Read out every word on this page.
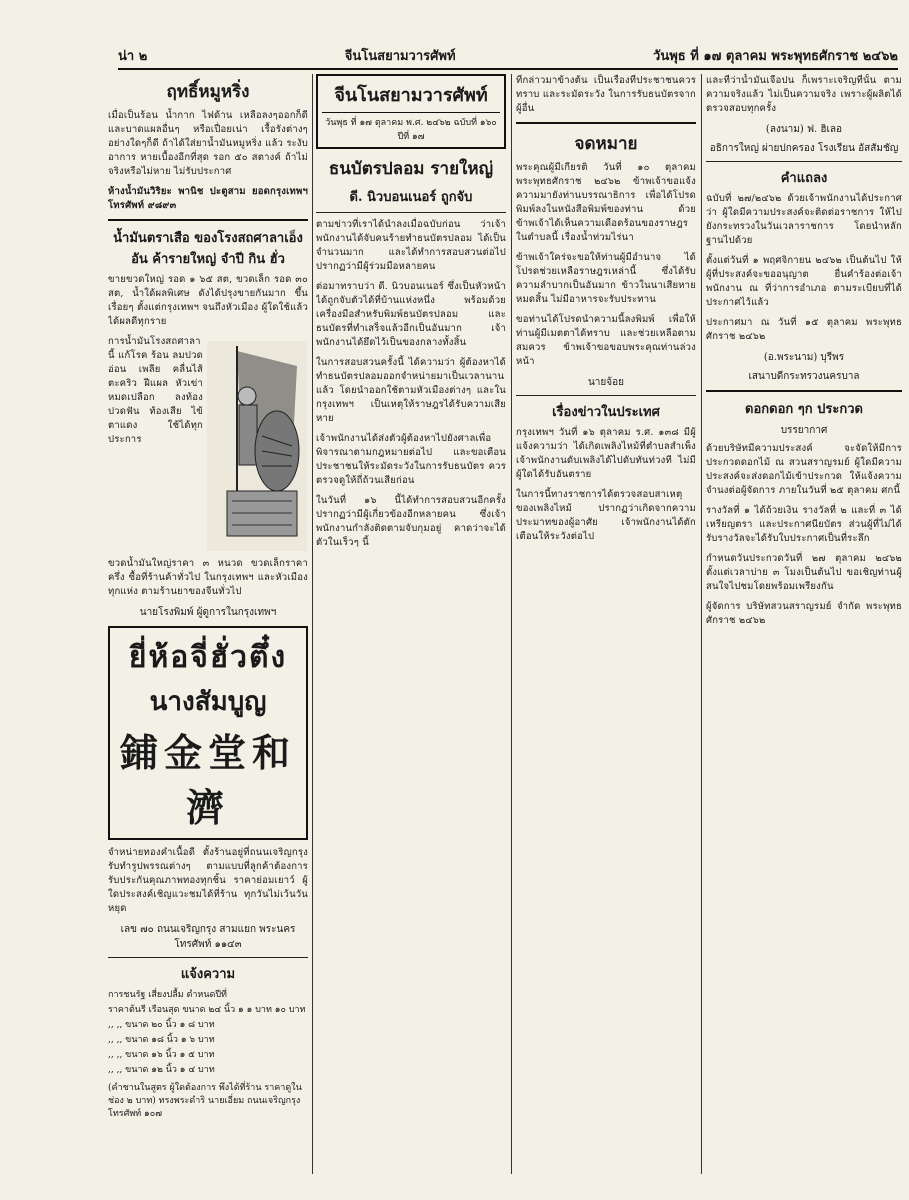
น่า ๒	จีนโนสยามวารศัพท์	วันพุธ ที่ ๑๗ ตุลาคม พระพุทธศักราช ๒๔๖๒
ฤทธิ์หมูหริ่ง

เมื่อเป็นร้อน น้ำกาก ไฟด้าน เหลือลงๆออกก็ดี และบาดแผลอื่นๆ หรือเปื่อยเน่า เรื้อรังต่างๆ อย่างใดๆก็ดี ถ้าได้ใส่ยาน้ำมันหมูหริ่ง แล้ว ระงับอาการ หายเบื้องอีกที่สุด รอก ๕๐ สตางค์ ถ้าไม่จริงหรือไม่หาย ไม่รับประกาศ

ห้างน้ำมันวิริยะ พานิช ปะตูสาม ยอดกรุงเทพฯ โทรศัพท์ ๙๘๙๓

น้ำมันตราเสือ ของโรงสถศาลาเอ็งอัน ค้ารายใหญ่ จำปี กิน ฮั่ว

ขายขวดใหญ่ รอด ๑ ๖๕ สต, ขวดเล็ก รอด ๓๐ สต, น้ำใด้ผลพิเศษ ดังได้ปรุงขายกันมาก ขึ้นเรื่อยๆ ตั้งแต่กรุงเทพฯ จนถึงหัวเมือง ผู้ใดใช้แล้วได้ผลดีทุกราย

การน้ำมันโรงสถศาลานี้ แก้โรค ร้อน ลมปวด อ่อน เพลีย คลื่นไส้ ตะคริว ฝีแผล หัวเข่า หมดเปลือก ลงท้อง ปวดฟัน ท้องเสีย ไข้ ตาแดง ใช้ได้ทุกประการ

ขวดน้ำมันใหญ่ราคา ๓ หนวด ขวดเล็กราคาครึ่ง ซื้อที่ร้านค้าทั่วไป ในกรุงเทพฯ และหัวเมืองทุกแห่ง ตามร้านยาของจีนทั่วไป

นายโรงพิมพ์ ผู้ดูการในกรุงเทพฯ
ยี่ห้อจี่ฮั่วตึ๋ง
นางสัมบูญ
鋪金堂和濟

จำหน่ายทองคำเนื้อดี ตั้งร้านอยู่ที่ถนนเจริญกรุง รับทำรูปพรรณต่างๆ ตามแบบที่ลูกค้าต้องการ รับประกันคุณภาพทองทุกชิ้น ราคาย่อมเยาว์ ผู้ใดประสงค์เชิญแวะชมได้ที่ร้าน ทุกวันไม่เว้นวันหยุด

เลข ๗๐ ถนนเจริญกรุง สามแยก พระนคร โทรศัพท์ ๑๑๔๓
แจ้งความ
การชนรัฐ เสี่ยงปลื้ม ตำหนดปีที่
ราคาต้นรี เรือนสุด ขนาด ๒๔ นิ้ว ๑ ๑ บาท ๑๐ บาท
,, ,, ขนาด ๒๐ นิ้ว ๑ ๘ บาท
,, ,, ขนาด ๑๘ นิ้ว ๑ ๖ บาท
,, ,, ขนาด ๑๖ นิ้ว ๑ ๕ บาท
,, ,, ขนาด ๑๒ นิ้ว ๑ ๔ บาท
(คำชานในสูตร ผู้ใดต้องการ พึงได้ที่ร้าน ราคาดูในช่อง ๒ บาท) ทรงพระดำริ นายเอี่ยม ถนนเจริญกรุง โทรศัพท์ ๑๐๗
จีนโนสยามวารศัพท์
วันพุธ ที่ ๑๗ ตุลาคม พ.ศ. ๒๔๖๒ ฉบับที่ ๑๖๐ ปีที่ ๑๗
ธนบัตรปลอม รายใหญ่
ดี. นิวบอนเนอร์ ถูกจับ

ตามข่าวที่เราได้นำลงเมื่อฉบับก่อน ว่าเจ้าพนักงานได้จับคนร้ายทำธนบัตรปลอม ได้เป็นจำนวนมาก และได้ทำการสอบสวนต่อไป ปรากฏว่ามีผู้ร่วมมือหลายคน

ต่อมาทราบว่า ดี. นิวบอนเนอร์ ซึ่งเป็นหัวหน้า ได้ถูกจับตัวได้ที่บ้านแห่งหนึ่ง พร้อมด้วยเครื่องมือสำหรับพิมพ์ธนบัตรปลอม และธนบัตรที่ทำเสร็จแล้วอีกเป็นอันมาก เจ้าพนักงานได้ยึดไว้เป็นของกลางทั้งสิ้น

ในการสอบสวนครั้งนี้ ได้ความว่า ผู้ต้องหาได้ทำธนบัตรปลอมออกจำหน่ายมาเป็นเวลานานแล้ว โดยนำออกใช้ตามหัวเมืองต่างๆ และในกรุงเทพฯ เป็นเหตุให้ราษฎรได้รับความเสียหาย

เจ้าพนักงานได้ส่งตัวผู้ต้องหาไปยังศาลเพื่อพิจารณาตามกฎหมายต่อไป และขอเตือนประชาชนให้ระมัดระวังในการรับธนบัตร ควรตรวจดูให้ถี่ถ้วนเสียก่อน

ในวันที่ ๑๖ นี้ได้ทำการสอบสวนอีกครั้ง ปรากฏว่ามีผู้เกี่ยวข้องอีกหลายคน ซึ่งเจ้าพนักงานกำลังติดตามจับกุมอยู่ คาดว่าจะได้ตัวในเร็วๆ นี้

ที่กล่าวมาข้างต้น เป็นเรื่องที่ประชาชนควรทราบ และระมัดระวัง ในการรับธนบัตรจากผู้อื่น

จดหมาย

พระคุณผู้มีเกียรติ วันที่ ๑๐ ตุลาคม พระพุทธศักราช ๒๔๖๒ ข้าพเจ้าขอแจ้งความมายังท่านบรรณาธิการ เพื่อได้โปรดพิมพ์ลงในหนังสือพิมพ์ของท่าน ด้วยข้าพเจ้าได้เห็นความเดือดร้อนของราษฎรในตำบลนี้ เรื่องน้ำท่วมไร่นา

ข้าพเจ้าใคร่จะขอให้ท่านผู้มีอำนาจ ได้โปรดช่วยเหลือราษฎรเหล่านี้ ซึ่งได้รับความลำบากเป็นอันมาก ข้าวในนาเสียหายหมดสิ้น ไม่มีอาหารจะรับประทาน

ขอท่านได้โปรดนำความนี้ลงพิมพ์ เพื่อให้ท่านผู้มีเมตตาได้ทราบ และช่วยเหลือตามสมควร ข้าพเจ้าขอขอบพระคุณท่านล่วงหน้า

นายจ้อย
เรื่องข่าวในประเทศ

กรุงเทพฯ วันที่ ๑๖ ตุลาคม ร.ศ. ๑๓๘ มีผู้แจ้งความว่า ได้เกิดเพลิงไหม้ที่ตำบลสำเพ็ง เจ้าพนักงานดับเพลิงได้ไปดับทันท่วงที ไม่มีผู้ใดได้รับอันตราย

ในการนี้ทางราชการได้ตรวจสอบสาเหตุของเพลิงไหม้ ปรากฏว่าเกิดจากความประมาทของผู้อาศัย เจ้าพนักงานได้ตักเตือนให้ระวังต่อไป

และที่ว่าน้ำมันเจือปน ก็เพราะเจริญที่นั้น ตามความจริงแล้ว ไม่เป็นความจริง เพราะผู้ผลิตได้ตรวจสอบทุกครั้ง

(ลงนาม) ฟ. ฮิเลอ
อธิการใหญ่ ผ่ายปกครอง โรงเรียน อัสสัมชัญ
คำแถลง

ฉบับที่ ๒๗/๒๔๖๒ ด้วยเจ้าพนักงานได้ประกาศว่า ผู้ใดมีความประสงค์จะติดต่อราชการ ให้ไปยังกระทรวงในวันเวลาราชการ โดยนำหลักฐานไปด้วย

ตั้งแต่วันที่ ๑ พฤศจิกายน ๒๔๖๒ เป็นต้นไป ให้ผู้ที่ประสงค์จะขออนุญาต ยื่นคำร้องต่อเจ้าพนักงาน ณ ที่ว่าการอำเภอ ตามระเบียบที่ได้ประกาศไว้แล้ว

ประกาศมา ณ วันที่ ๑๕ ตุลาคม พระพุทธศักราช ๒๔๖๒

(อ.พระนาม) บุรีพร
เสนาบดีกระทรวงนครบาล
ดอกดอก ๆก ประกวด
บรรยากาศ

ด้วยบริษัทมีความประสงค์ จะจัดให้มีการประกวดดอกไม้ ณ สวนสราญรมย์ ผู้ใดมีความประสงค์จะส่งดอกไม้เข้าประกวด ให้แจ้งความจำนงต่อผู้จัดการ ภายในวันที่ ๒๕ ตุลาคม ศกนี้

รางวัลที่ ๑ ได้ถ้วยเงิน รางวัลที่ ๒ และที่ ๓ ได้เหรียญตรา และประกาศนียบัตร ส่วนผู้ที่ไม่ได้รับรางวัลจะได้รับใบประกาศเป็นที่ระลึก

กำหนดวันประกวดวันที่ ๒๗ ตุลาคม ๒๔๖๒ ตั้งแต่เวลาบ่าย ๓ โมงเป็นต้นไป ขอเชิญท่านผู้สนใจไปชมโดยพร้อมเพรียงกัน

ผู้จัดการ บริษัทสวนสราญรมย์ จำกัด พระพุทธศักราช ๒๔๖๒
